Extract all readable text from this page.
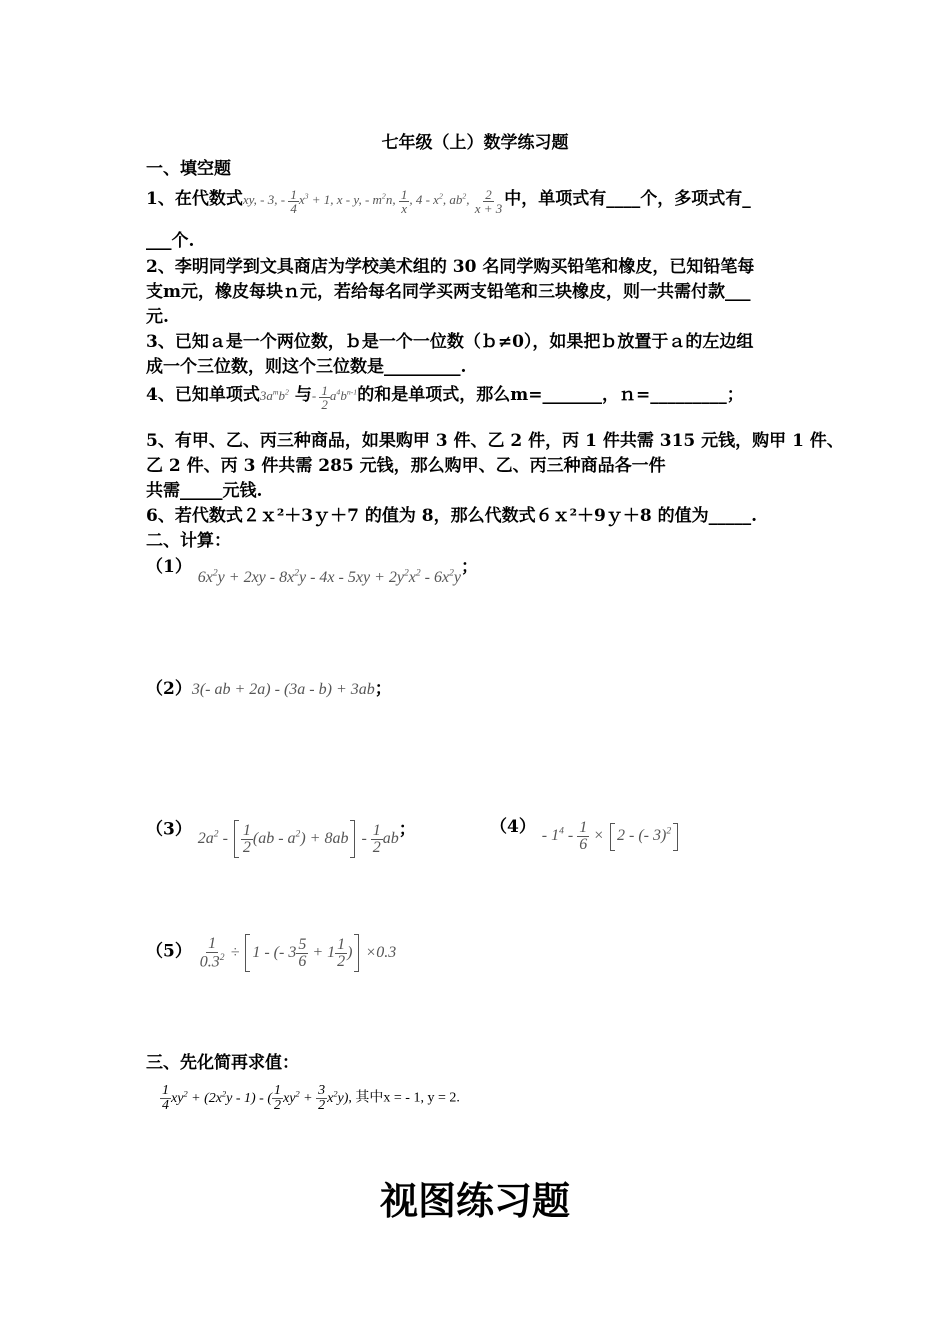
七年级（上）数学练习题
一、填空题
1、在代数式xy, - 3, - $\frac{1}{4} x^3 + 1$, x - y, - $m^2n$, $\frac{1}{x}$ , $4 - x^2$, $ab^2$, $\frac{2}{x + 3}$ 中，单项式有____个，多项式有_
___个.
2、李明同学到文具商店为学校美术组的 30 名同学购买铅笔和橡皮，已知铅笔每
支m元，橡皮每块ｎ元，若给每名同学买两支铅笔和三块橡皮，则一共需付款___
元.
3、已知ａ是一个两位数，ｂ是一个一位数（ｂ≠0），如果把ｂ放置于ａ的左边组
成一个三位数，则这个三位数是_________.
4、已知单项式$3a^mb^2$ 与- $\frac{1}{2} a^4b^{n-1}$的和是单项式，那么m=_______，ｎ=_________；
5、有甲、乙、丙三种商品，如果购甲 3 件、乙 2 件，丙 1 件共需 315 元钱，购甲 1 件、
乙 2 件、丙 3 件共需 285 元钱，那么购甲、乙、丙三种商品各一件
共需_____元钱.
6、若代数式２ｘ²＋3ｙ＋7 的值为 8，那么代数式６ｘ²＋9ｙ＋8 的值为_____.
二、计算：
（1） $6x^2y + 2xy - 8x^2y - 4x - 5xy + 2y^2x^2 - 6x^2y$；
（2）3(- ab + 2a) - (3a - b) + 3ab；
（3） $2a^2 - \frac{1}{2} (ab - a^2) + 8ab - \frac{1}{2}$ ab；	$(4) - 1^4 - \frac{1}{6} \times 2$ - (- 3)$^2$
$(5) \frac{1}{0.3^2} \div 1$ - (- $3 \frac{5}{6} + 1 \frac{1}{2}$ ) ×0.3
三、先化简再求值：
$\frac{1}{4} xy^2 + (2x^2y - 1)$ - ( $\frac{1}{2} xy^2 + \frac{3}{2} x^2y$), 其中x = - 1, y = 2.
视图练习题
